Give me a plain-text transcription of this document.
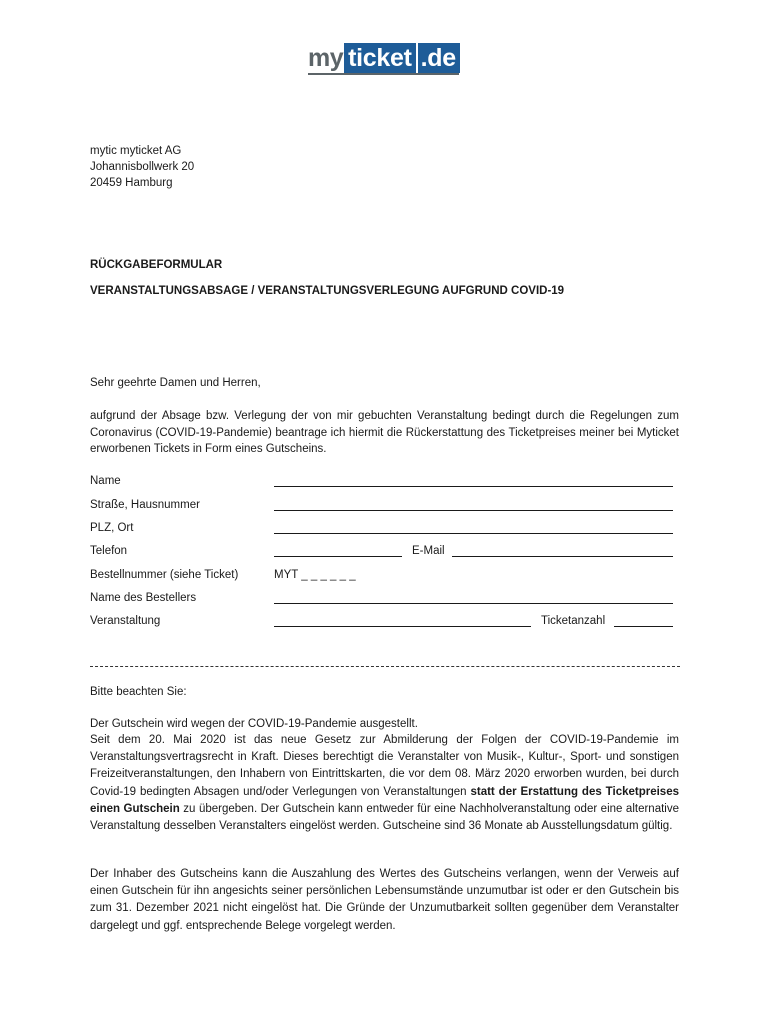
my ticket .de
mytic myticket AG
Johannisbollwerk 20
20459 Hamburg
RÜCKGABEFORMULAR
VERANSTALTUNGSABSAGE / VERANSTALTUNGSVERLEGUNG AUFGRUND COVID-19
Sehr geehrte Damen und Herren,
aufgrund der Absage bzw. Verlegung der von mir gebuchten Veranstaltung bedingt durch die Regelungen zum Coronavirus (COVID-19-Pandemie) beantrage ich hiermit die Rückerstattung des Ticketpreises meiner bei Myticket erworbenen Tickets in Form eines Gutscheins.
Name
Straße, Hausnummer
PLZ, Ort
Telefon	E-Mail
Bestellnummer (siehe Ticket)	MYT _ _ _ _ _ _
Name des Bestellers
Veranstaltung	Ticketanzahl
Bitte beachten Sie:
Der Gutschein wird wegen der COVID-19-Pandemie ausgestellt.
Seit dem 20. Mai 2020 ist das neue Gesetz zur Abmilderung der Folgen der COVID-19-Pandemie im Veranstaltungsvertragsrecht in Kraft. Dieses berechtigt die Veranstalter von Musik-, Kultur-, Sport- und sonstigen Freizeitveranstaltungen, den Inhabern von Eintrittskarten, die vor dem 08. März 2020 erworben wurden, bei durch Covid-19 bedingten Absagen und/oder Verlegungen von Veranstaltungen statt der Erstattung des Ticketpreises einen Gutschein zu übergeben. Der Gutschein kann entweder für eine Nachholveranstaltung oder eine alternative Veranstaltung desselben Veranstalters eingelöst werden. Gutscheine sind 36 Monate ab Ausstellungsdatum gültig.
Der Inhaber des Gutscheins kann die Auszahlung des Wertes des Gutscheins verlangen, wenn der Verweis auf einen Gutschein für ihn angesichts seiner persönlichen Lebensumstände unzumutbar ist oder er den Gutschein bis zum 31. Dezember 2021 nicht eingelöst hat. Die Gründe der Unzumutbarkeit sollten gegenüber dem Veranstalter dargelegt und ggf. entsprechende Belege vorgelegt werden.
